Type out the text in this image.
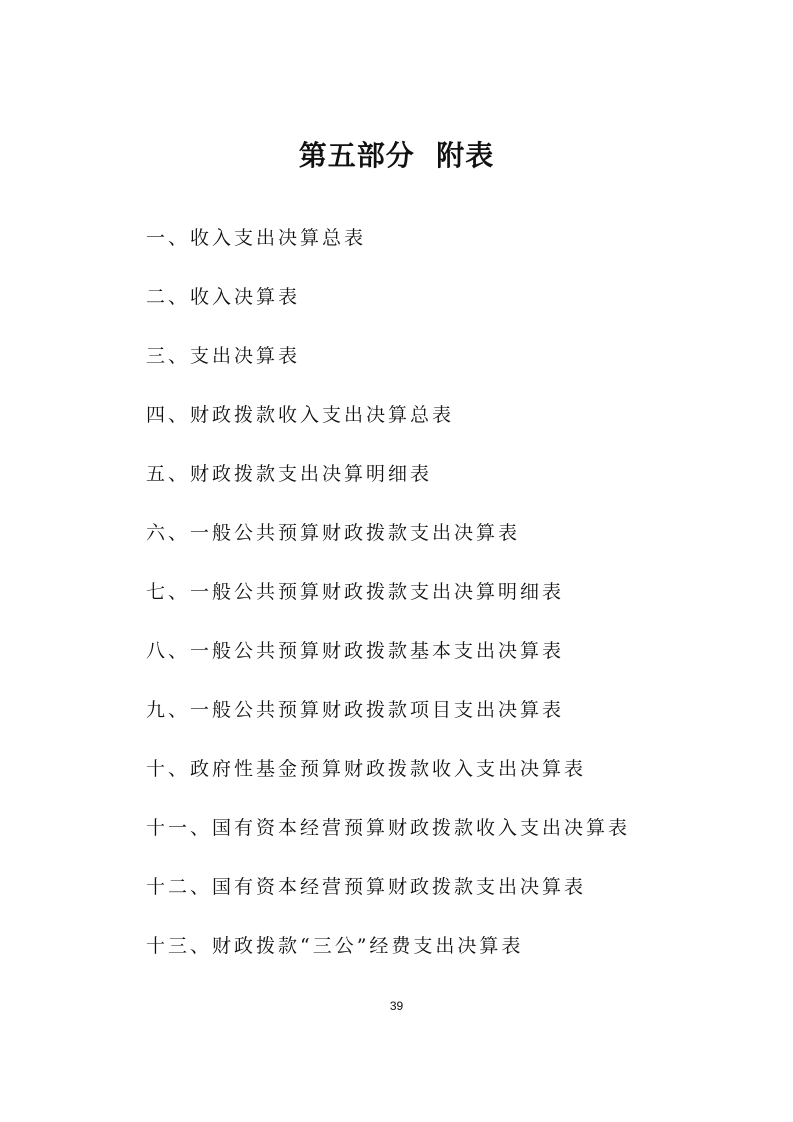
第五部分  附表
一、收入支出决算总表
二、收入决算表
三、支出决算表
四、财政拨款收入支出决算总表
五、财政拨款支出决算明细表
六、一般公共预算财政拨款支出决算表
七、一般公共预算财政拨款支出决算明细表
八、一般公共预算财政拨款基本支出决算表
九、一般公共预算财政拨款项目支出决算表
十、政府性基金预算财政拨款收入支出决算表
十一、国有资本经营预算财政拨款收入支出决算表
十二、国有资本经营预算财政拨款支出决算表
十三、财政拨款“三公”经费支出决算表
39
